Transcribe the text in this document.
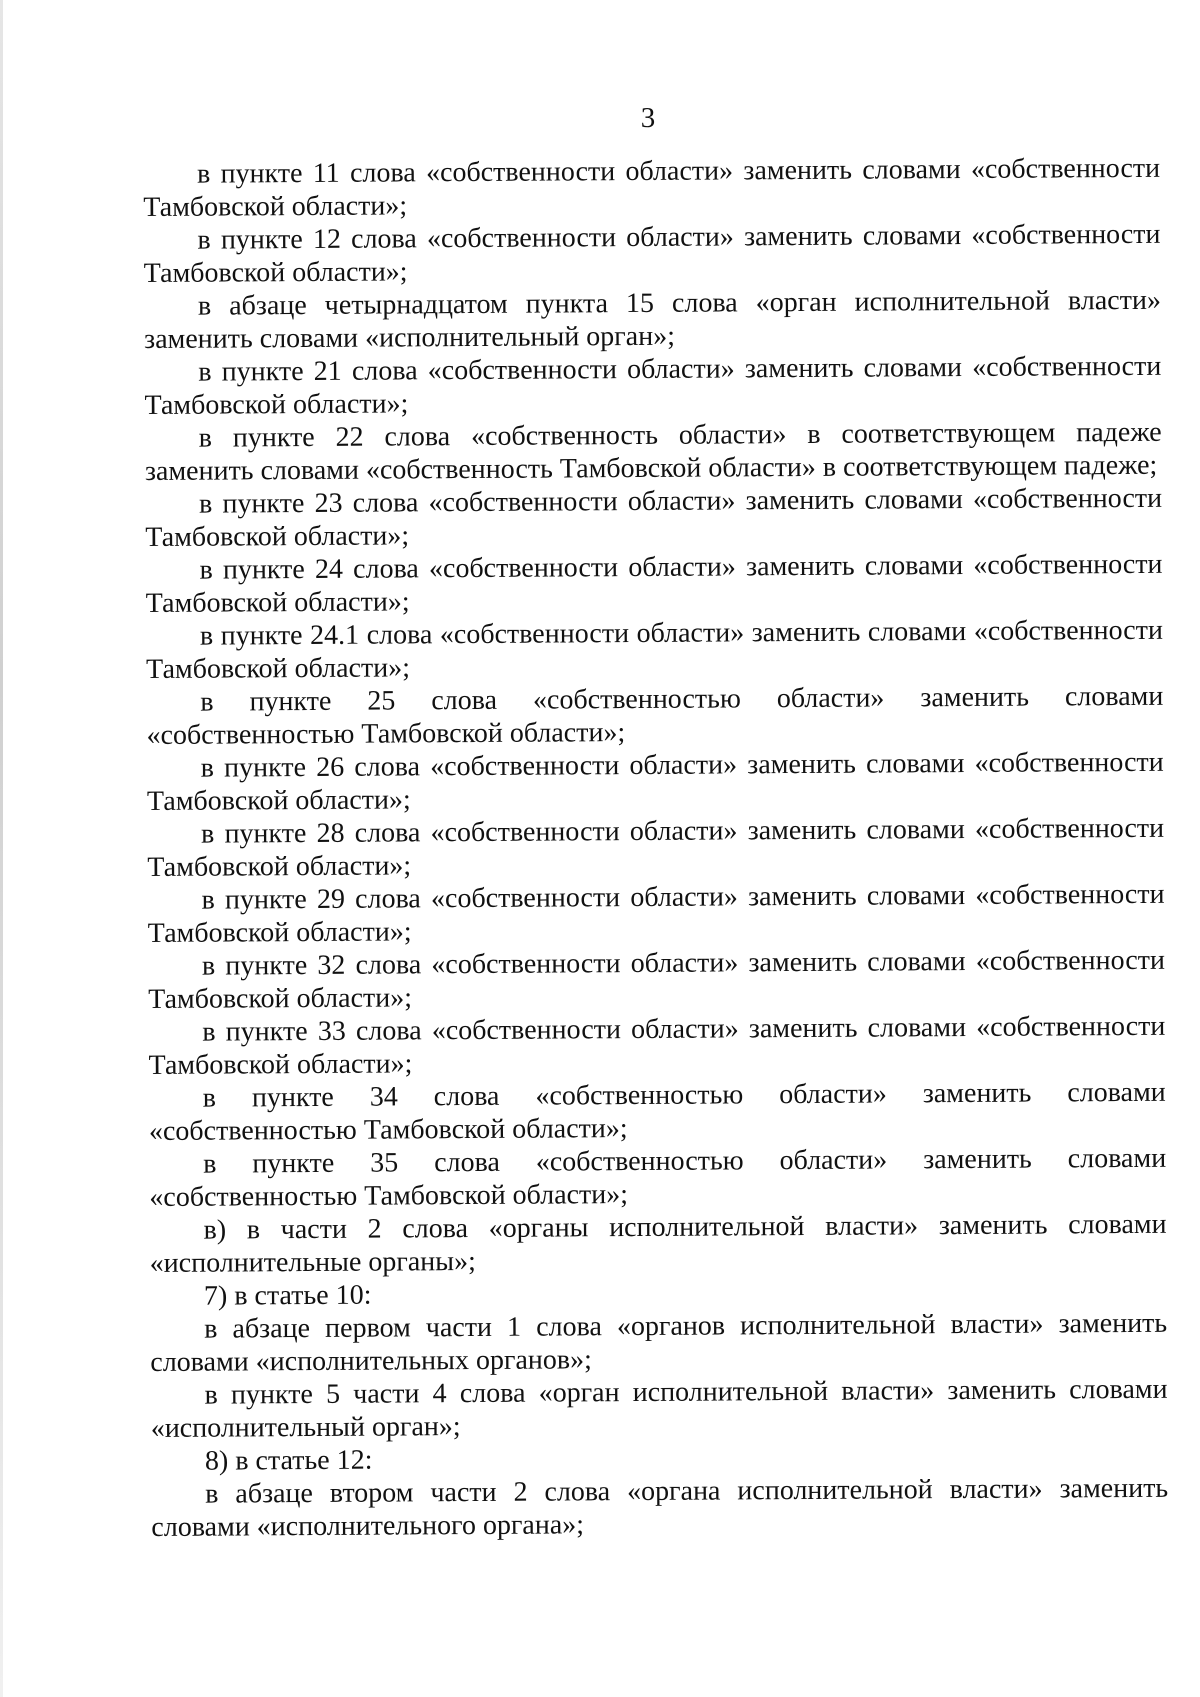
3

в пункте 11 слова «собственности области» заменить словами «собственности Тамбовской области»;

в пункте 12 слова «собственности области» заменить словами «собственности Тамбовской области»;

в абзаце четырнадцатом пункта 15 слова «орган исполнительной власти» заменить словами «исполнительный орган»;

в пункте 21 слова «собственности области» заменить словами «собственности Тамбовской области»;

в пункте 22 слова «собственность области» в соответствующем падеже заменить словами «собственность Тамбовской области» в соответствующем падеже;

в пункте 23 слова «собственности области» заменить словами «собственности Тамбовской области»;

в пункте 24 слова «собственности области» заменить словами «собственности Тамбовской области»;

в пункте 24.1 слова «собственности области» заменить словами «собственности Тамбовской области»;

в пункте 25 слова «собственностью области» заменить словами «собственностью Тамбовской области»;

в пункте 26 слова «собственности области» заменить словами «собственности Тамбовской области»;

в пункте 28 слова «собственности области» заменить словами «собственности Тамбовской области»;

в пункте 29 слова «собственности области» заменить словами «собственности Тамбовской области»;

в пункте 32 слова «собственности области» заменить словами «собственности Тамбовской области»;

в пункте 33 слова «собственности области» заменить словами «собственности Тамбовской области»;

в пункте 34 слова «собственностью области» заменить словами «собственностью Тамбовской области»;

в пункте 35 слова «собственностью области» заменить словами «собственностью Тамбовской области»;

в) в части 2 слова «органы исполнительной власти» заменить словами «исполнительные органы»;

7) в статье 10:

в абзаце первом части 1 слова «органов исполнительной власти» заменить словами «исполнительных органов»;

в пункте 5 части 4 слова «орган исполнительной власти» заменить словами «исполнительный орган»;

8) в статье 12:

в абзаце втором части 2 слова «органа исполнительной власти» заменить словами «исполнительного органа»;
